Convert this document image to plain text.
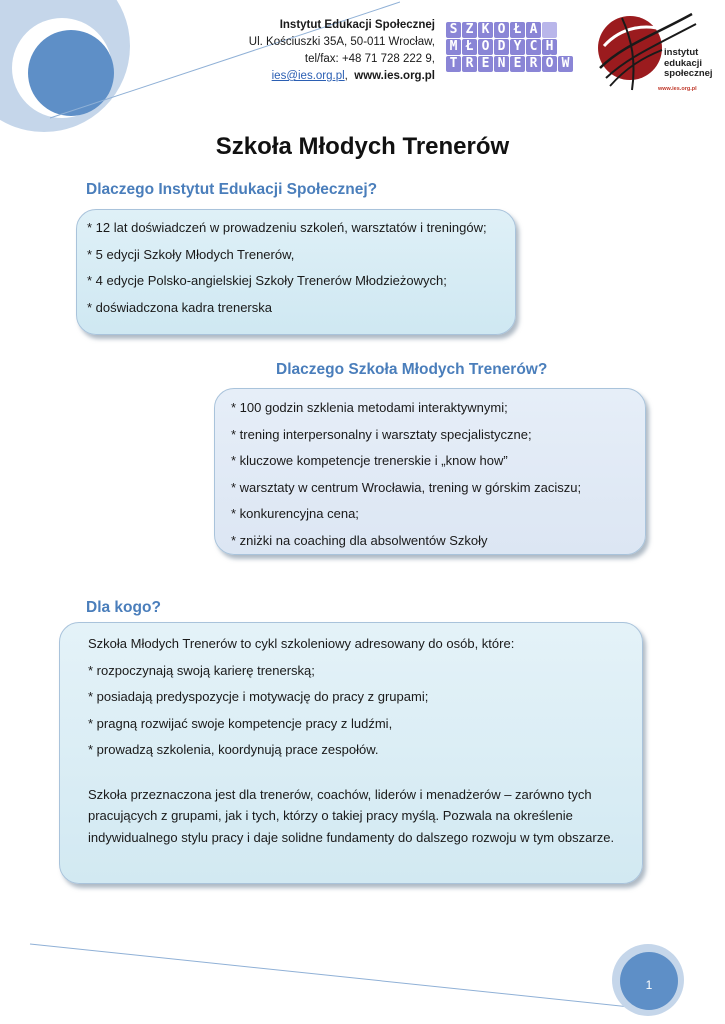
Instytut Edukacji Społecznej
Ul. Kościuszki 35A, 50-011 Wrocław,
tel/fax: +48 71 728 222 9,
ies@ies.org.pl, www.ies.org.pl
S Z K O Ł A
M Ł O D Y C H
T R E N E R Ó W
instytut
edukacji
społecznej
www.ies.org.pl
Szkoła Młodych Trenerów
Dlaczego Instytut Edukacji Społecznej?
* 12 lat doświadczeń w prowadzeniu szkoleń, warsztatów i treningów;
* 5 edycji Szkoły Młodych Trenerów,
* 4 edycje Polsko-angielskiej Szkoły Trenerów Młodzieżowych;
* doświadczona kadra trenerska
Dlaczego Szkoła Młodych Trenerów?
* 100 godzin szklenia metodami interaktywnymi;
* trening interpersonalny i warsztaty specjalistyczne;
* kluczowe kompetencje trenerskie i „know how”
* warsztaty w centrum Wrocławia, trening w górskim zaciszu;
* konkurencyjna cena;
* zniżki na coaching dla absolwentów Szkoły
Dla kogo?
Szkoła Młodych Trenerów to cykl szkoleniowy adresowany do osób, które:
* rozpoczynają swoją karierę trenerską;
* posiadają predyspozycje i motywację do pracy z grupami;
* pragną rozwijać swoje kompetencje pracy z ludźmi,
* prowadzą szkolenia, koordynują prace zespołów.
Szkoła przeznaczona jest dla trenerów, coachów, liderów i menadżerów – zarówno tych pracujących z grupami, jak i tych, którzy o takiej pracy myślą. Pozwala na określenie indywidualnego stylu pracy i daje solidne fundamenty do dalszego rozwoju w tym obszarze.
1
